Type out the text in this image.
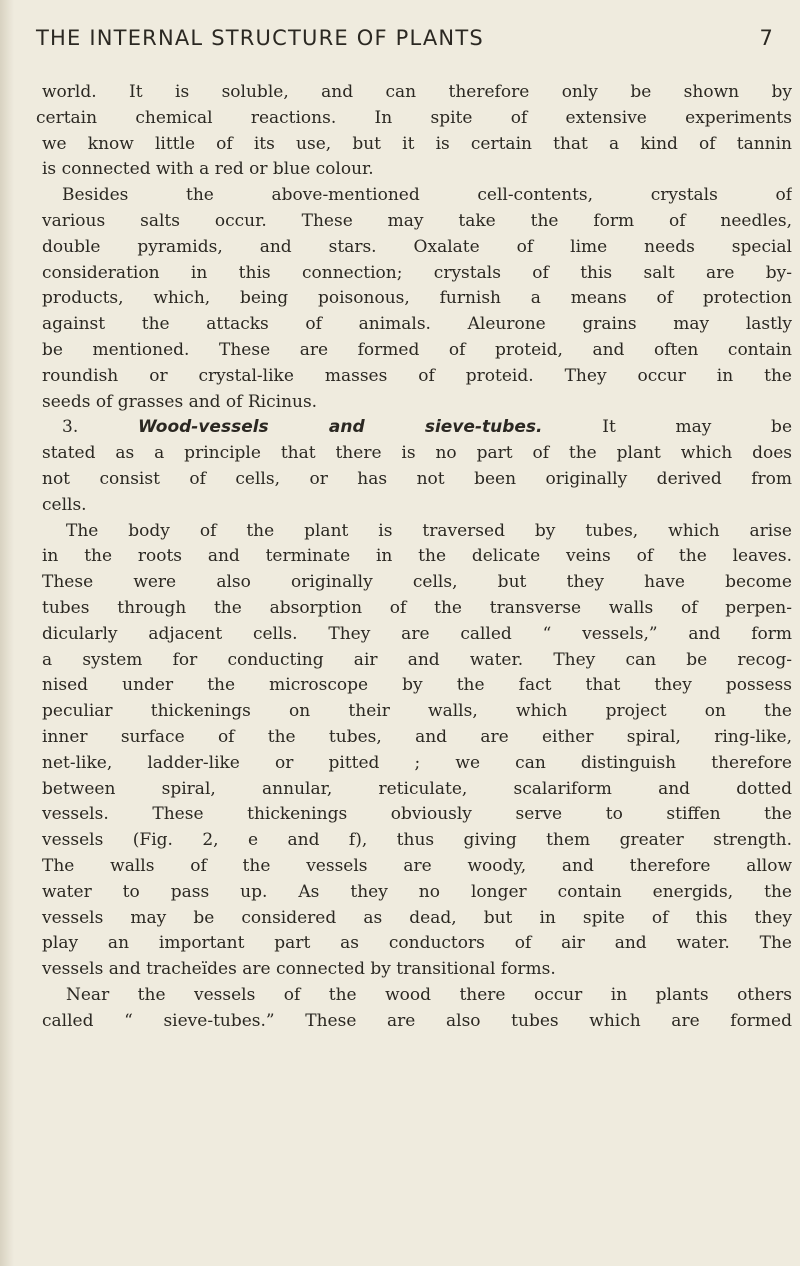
THE INTERNAL STRUCTURE OF PLANTS	7
world. It is soluble, and can therefore only be shown by
certain chemical reactions. In spite of extensive experiments
we know little of its use, but it is certain that a kind of tannin
is connected with a red or blue colour.
Besides the above-mentioned cell-contents, crystals of
various salts occur. These may take the form of needles,
double pyramids, and stars. Oxalate of lime needs special
consideration in this connection; crystals of this salt are by-
products, which, being poisonous, furnish a means of protection
against the attacks of animals. Aleurone grains may lastly
be mentioned. These are formed of proteid, and often contain
roundish or crystal-like masses of proteid. They occur in the
seeds of grasses and of Ricinus.
3. Wood-vessels and sieve-tubes. It may be
stated as a principle that there is no part of the plant which does
not consist of cells, or has not been originally derived from
cells.
The body of the plant is traversed by tubes, which arise
in the roots and terminate in the delicate veins of the leaves.
These were also originally cells, but they have become
tubes through the absorption of the transverse walls of perpen-
dicularly adjacent cells. They are called “ vessels,” and form
a system for conducting air and water. They can be recog-
nised under the microscope by the fact that they possess
peculiar thickenings on their walls, which project on the
inner surface of the tubes, and are either spiral, ring-like,
net-like, ladder-like or pitted ; we can distinguish therefore
between spiral, annular, reticulate, scalariform and dotted
vessels. These thickenings obviously serve to stiffen the
vessels (Fig. 2, e and f), thus giving them greater strength.
The walls of the vessels are woody, and therefore allow
water to pass up. As they no longer contain energids, the
vessels may be considered as dead, but in spite of this they
play an important part as conductors of air and water. The
vessels and tracheïdes are connected by transitional forms.
Near the vessels of the wood there occur in plants others
called “ sieve-tubes.” These are also tubes which are formed
